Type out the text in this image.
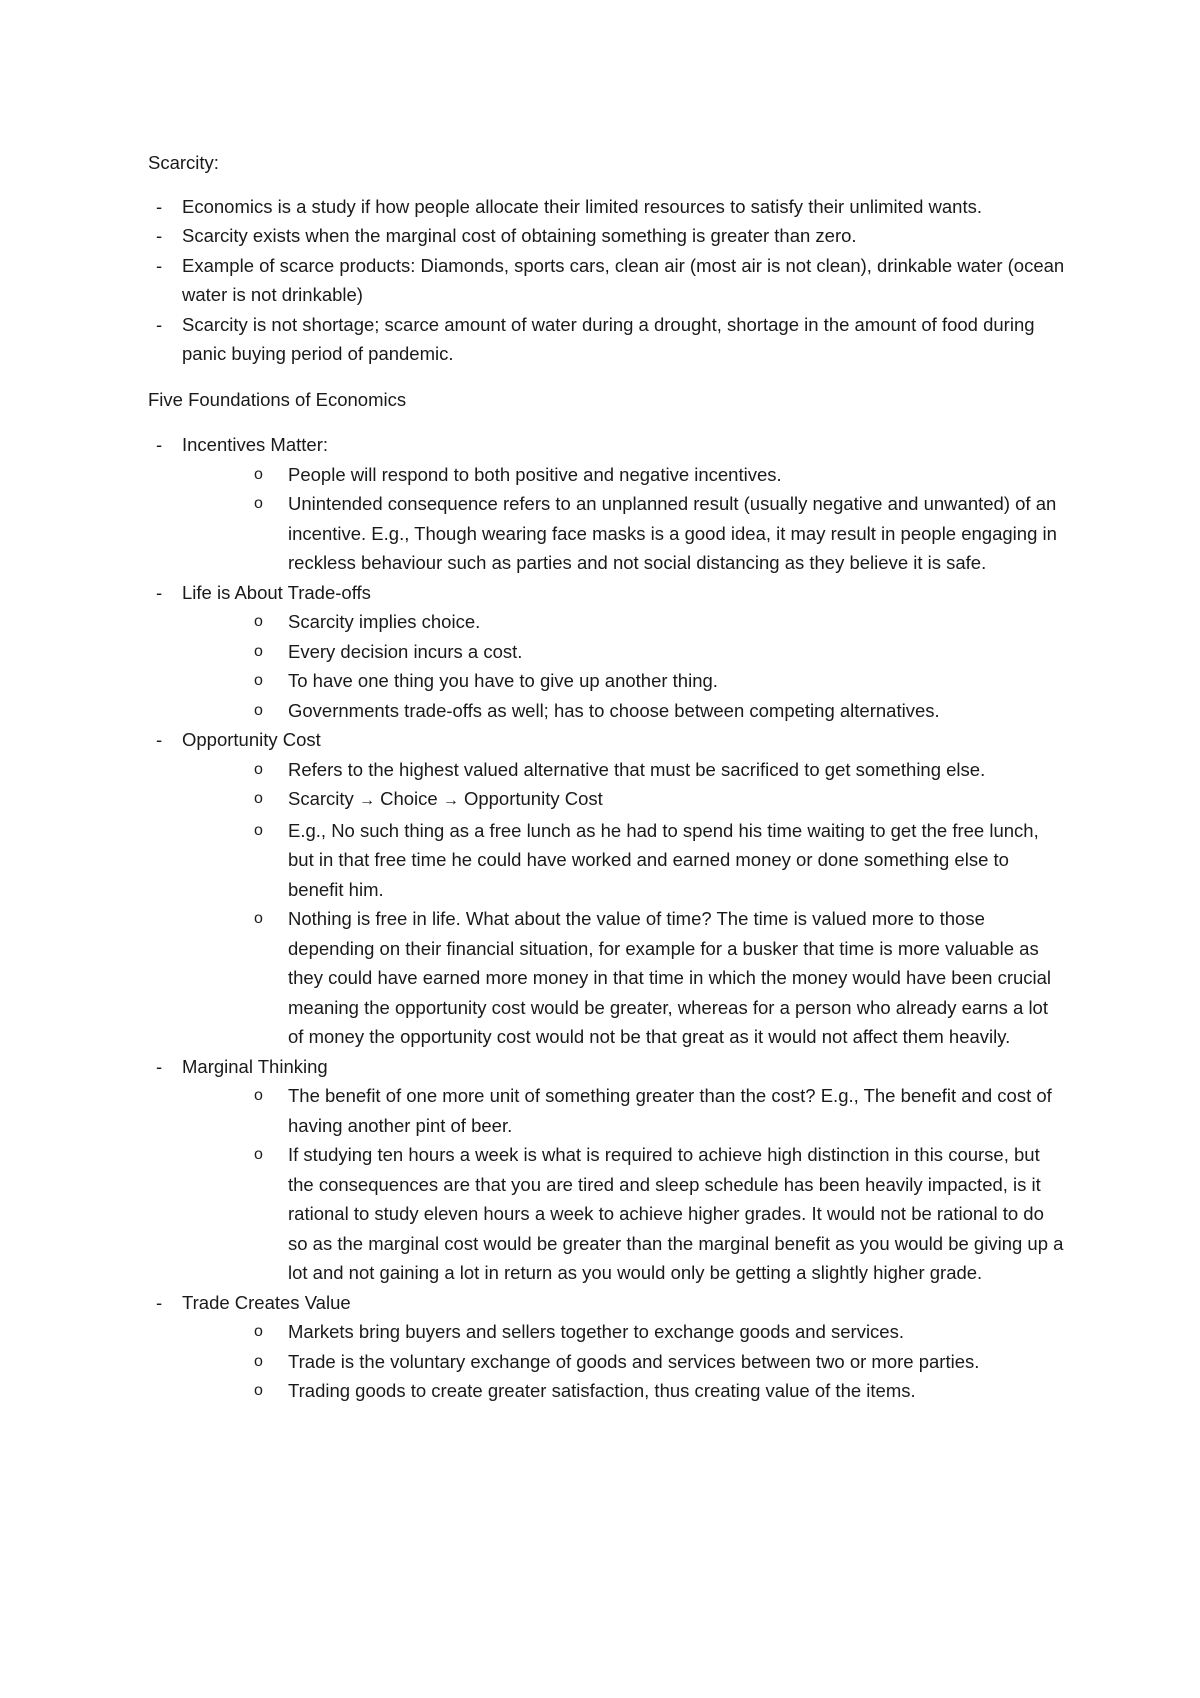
Scarcity:

- Economics is a study if how people allocate their limited resources to satisfy their unlimited wants.
- Scarcity exists when the marginal cost of obtaining something is greater than zero.
- Example of scarce products: Diamonds, sports cars, clean air (most air is not clean), drinkable water (ocean water is not drinkable)
- Scarcity is not shortage; scarce amount of water during a drought, shortage in the amount of food during panic buying period of pandemic.

Five Foundations of Economics

- Incentives Matter:
o People will respond to both positive and negative incentives.
o Unintended consequence refers to an unplanned result (usually negative and unwanted) of an incentive. E.g., Though wearing face masks is a good idea, it may result in people engaging in reckless behaviour such as parties and not social distancing as they believe it is safe.
- Life is About Trade-offs
o Scarcity implies choice.
o Every decision incurs a cost.
o To have one thing you have to give up another thing.
o Governments trade-offs as well; has to choose between competing alternatives.
- Opportunity Cost
o Refers to the highest valued alternative that must be sacrificed to get something else.
o Scarcity → Choice → Opportunity Cost
o E.g., No such thing as a free lunch as he had to spend his time waiting to get the free lunch, but in that free time he could have worked and earned money or done something else to benefit him.
o Nothing is free in life. What about the value of time? The time is valued more to those depending on their financial situation, for example for a busker that time is more valuable as they could have earned more money in that time in which the money would have been crucial meaning the opportunity cost would be greater, whereas for a person who already earns a lot of money the opportunity cost would not be that great as it would not affect them heavily.
- Marginal Thinking
o The benefit of one more unit of something greater than the cost? E.g., The benefit and cost of having another pint of beer.
o If studying ten hours a week is what is required to achieve high distinction in this course, but the consequences are that you are tired and sleep schedule has been heavily impacted, is it rational to study eleven hours a week to achieve higher grades. It would not be rational to do so as the marginal cost would be greater than the marginal benefit as you would be giving up a lot and not gaining a lot in return as you would only be getting a slightly higher grade.
- Trade Creates Value
o Markets bring buyers and sellers together to exchange goods and services.
o Trade is the voluntary exchange of goods and services between two or more parties.
o Trading goods to create greater satisfaction, thus creating value of the items.
